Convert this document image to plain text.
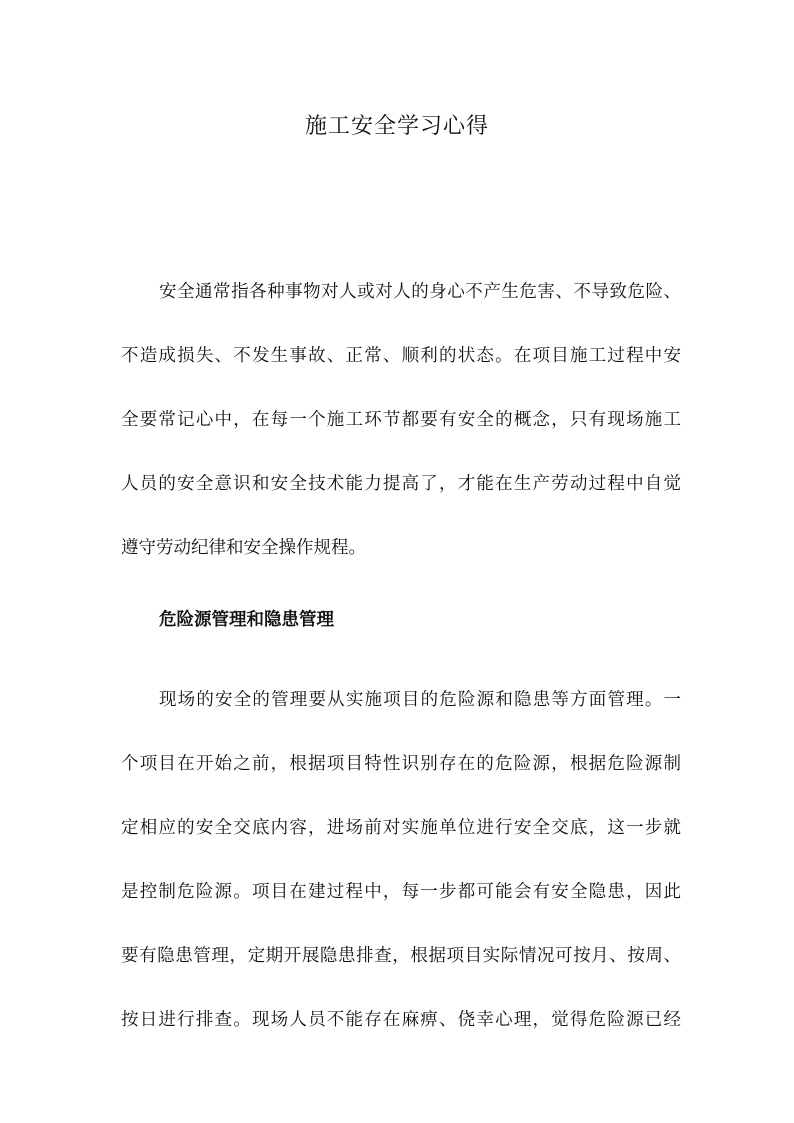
施工安全学习心得
安全通常指各种事物对人或对人的身心不产生危害、不导致危险、
不造成损失、不发生事故、正常、顺利的状态。在项目施工过程中安
全要常记心中，在每一个施工环节都要有安全的概念，只有现场施工
人员的安全意识和安全技术能力提高了，才能在生产劳动过程中自觉
遵守劳动纪律和安全操作规程。
危险源管理和隐患管理
现场的安全的管理要从实施项目的危险源和隐患等方面管理。一
个项目在开始之前，根据项目特性识别存在的危险源，根据危险源制
定相应的安全交底内容，进场前对实施单位进行安全交底，这一步就
是控制危险源。项目在建过程中，每一步都可能会有安全隐患，因此
要有隐患管理，定期开展隐患排查，根据项目实际情况可按月、按周、
按日进行排查。现场人员不能存在麻痹、侥幸心理，觉得危险源已经
